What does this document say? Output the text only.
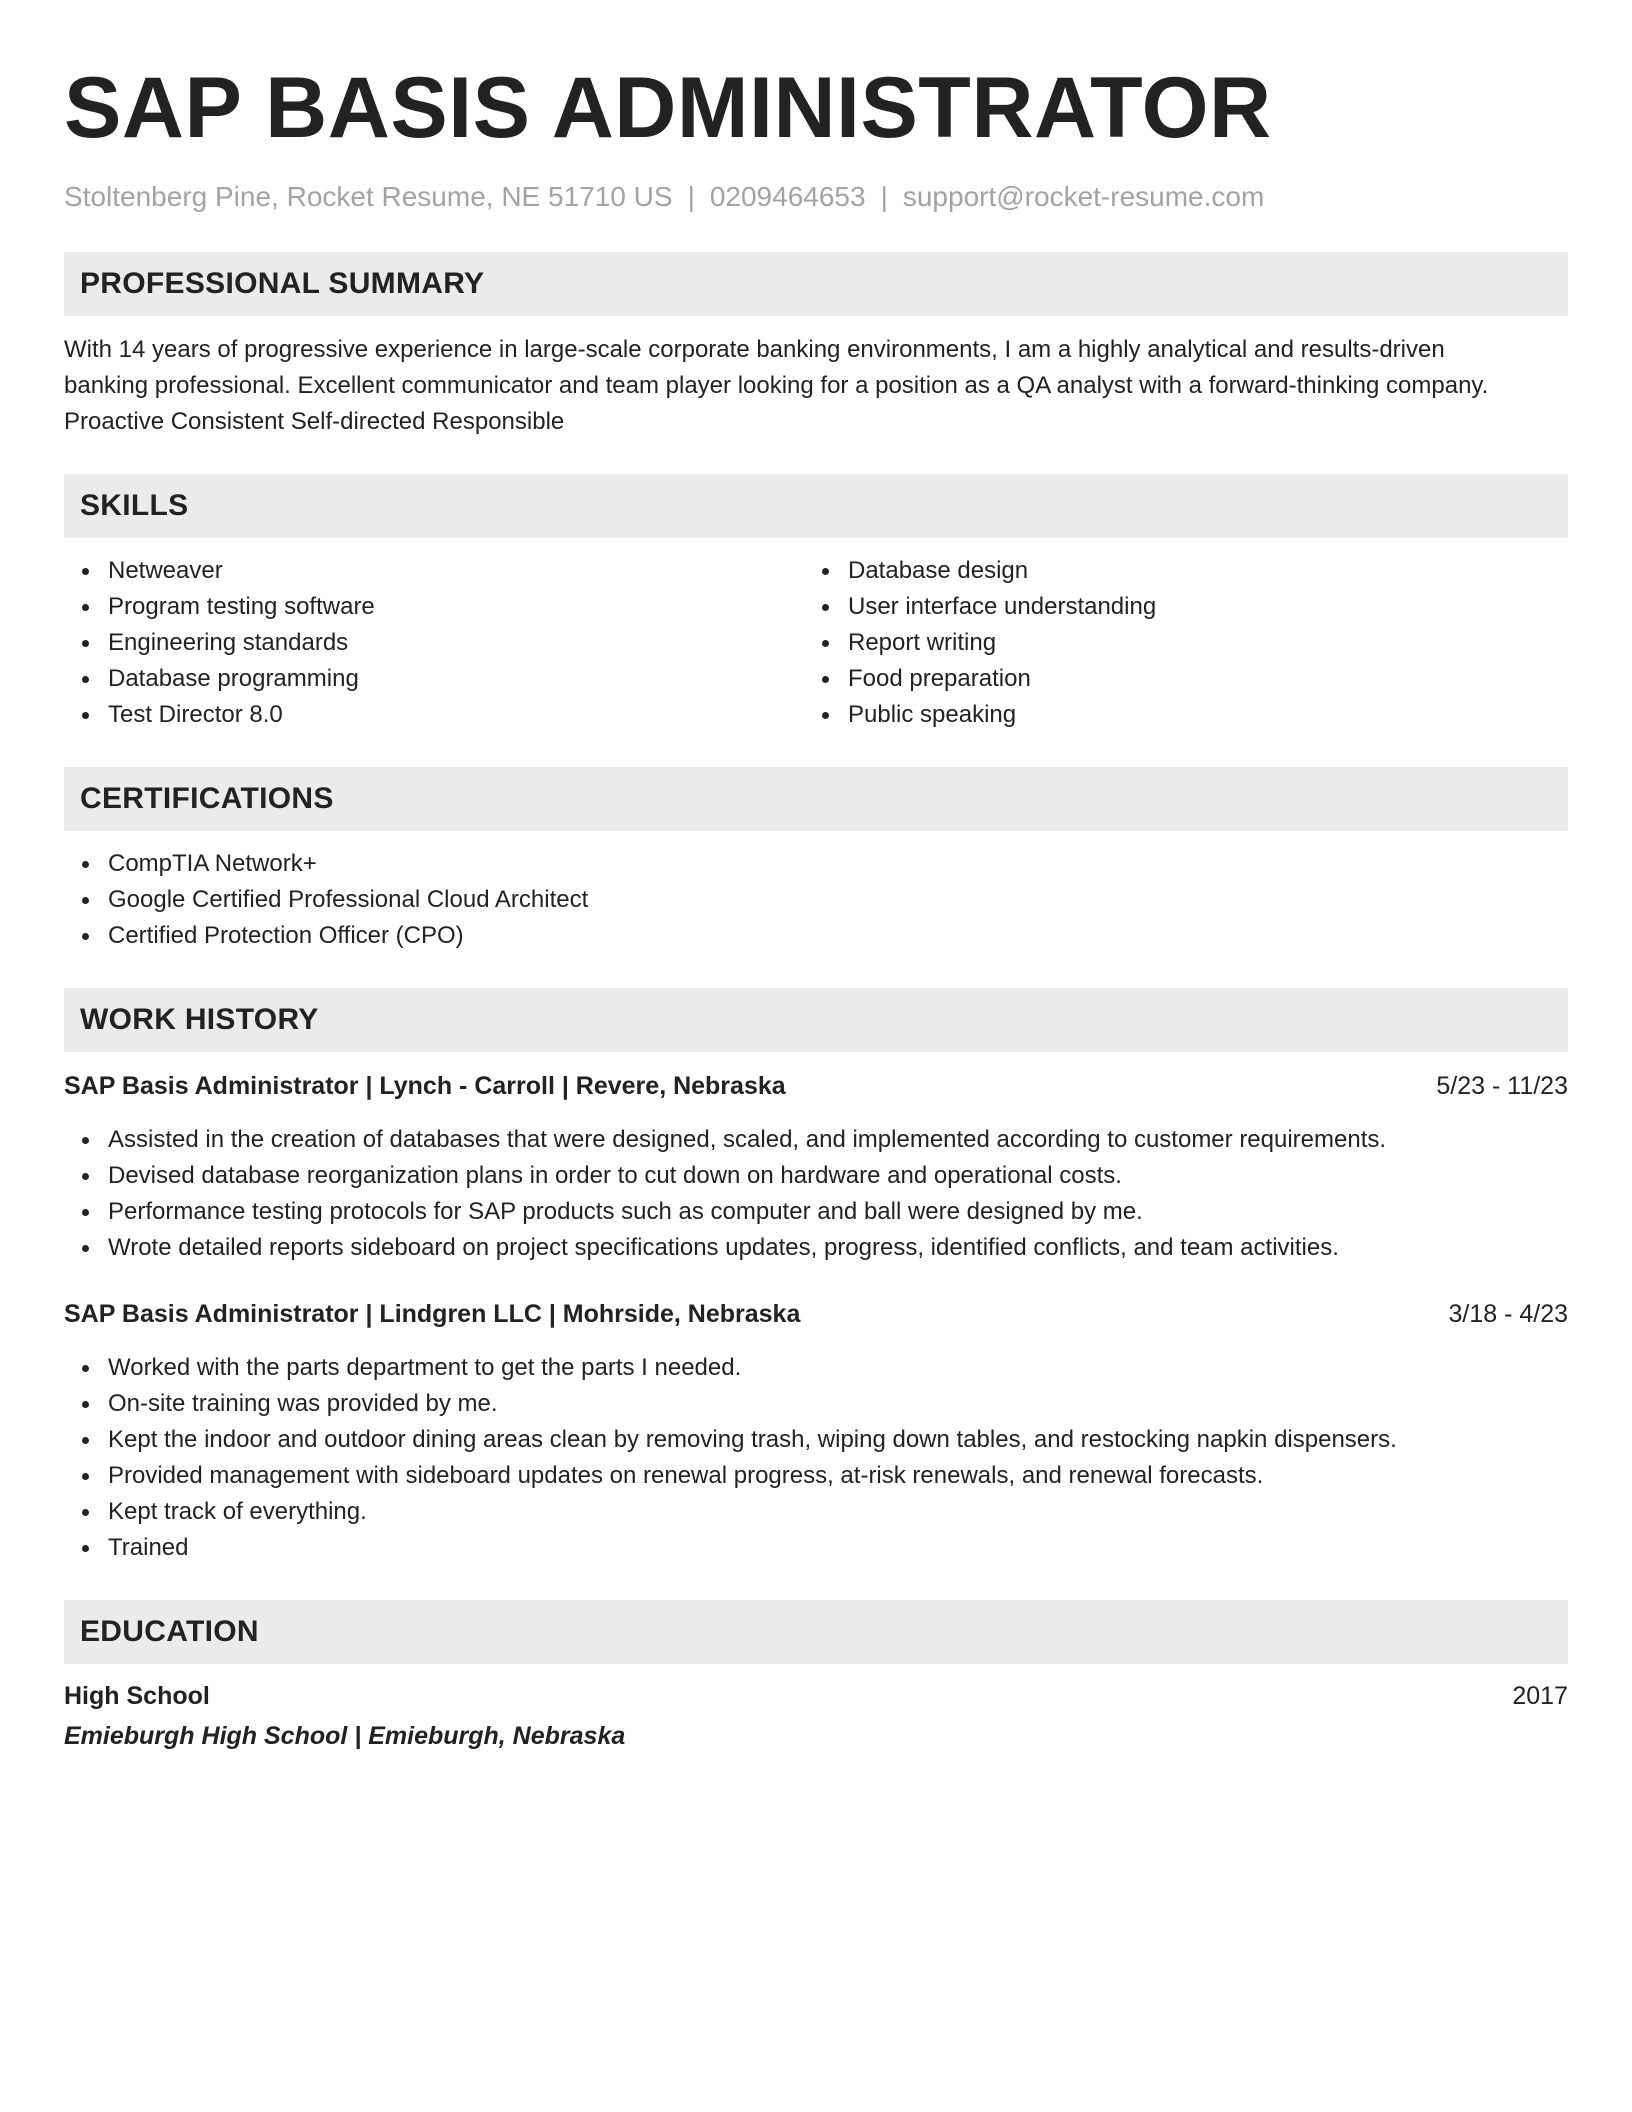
SAP BASIS ADMINISTRATOR
Stoltenberg Pine, Rocket Resume, NE 51710 US | 0209464653 | support@rocket-resume.com
PROFESSIONAL SUMMARY
With 14 years of progressive experience in large-scale corporate banking environments, I am a highly analytical and results-driven
banking professional. Excellent communicator and team player looking for a position as a QA analyst with a forward-thinking company.
Proactive Consistent Self-directed Responsible
SKILLS
Netweaver
Program testing software
Engineering standards
Database programming
Test Director 8.0
Database design
User interface understanding
Report writing
Food preparation
Public speaking
CERTIFICATIONS
CompTIA Network+
Google Certified Professional Cloud Architect
Certified Protection Officer (CPO)
WORK HISTORY
SAP Basis Administrator | Lynch - Carroll | Revere, Nebraska	5/23 - 11/23
Assisted in the creation of databases that were designed, scaled, and implemented according to customer requirements.
Devised database reorganization plans in order to cut down on hardware and operational costs.
Performance testing protocols for SAP products such as computer and ball were designed by me.
Wrote detailed reports sideboard on project specifications updates, progress, identified conflicts, and team activities.
SAP Basis Administrator | Lindgren LLC | Mohrside, Nebraska	3/18 - 4/23
Worked with the parts department to get the parts I needed.
On-site training was provided by me.
Kept the indoor and outdoor dining areas clean by removing trash, wiping down tables, and restocking napkin dispensers.
Provided management with sideboard updates on renewal progress, at-risk renewals, and renewal forecasts.
Kept track of everything.
Trained
EDUCATION
High School	2017
Emieburgh High School | Emieburgh, Nebraska
